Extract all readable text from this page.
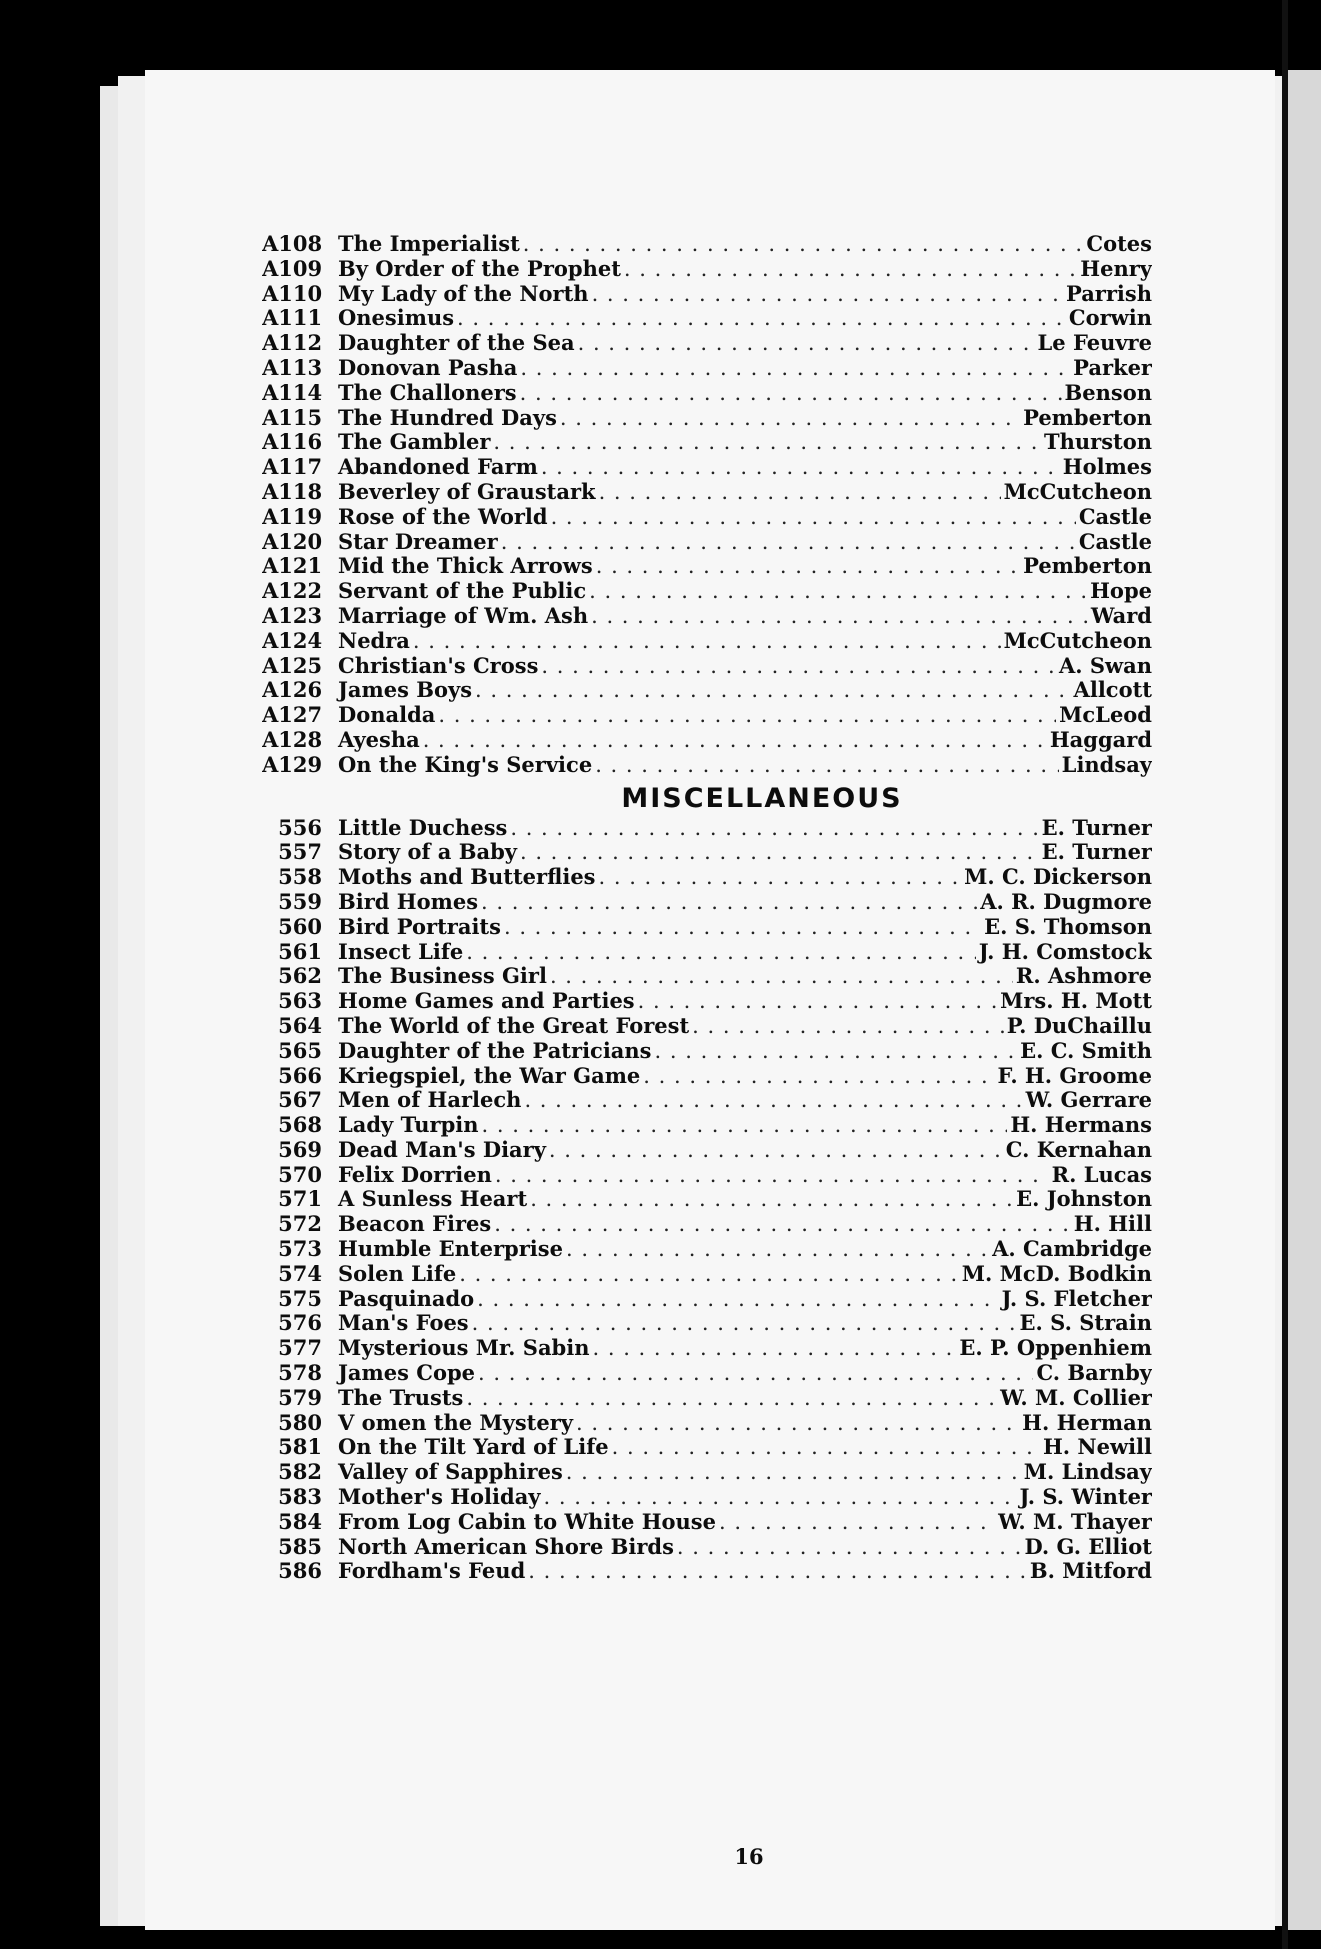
A108 The Imperialist . . .	Cotes
A109 By Order of the Prophet . . .	Henry
A110 My Lady of the North . . .	Parrish
A111 Onesimus . . .	Corwin
A112 Daughter of the Sea . . .	Le Feuvre
A113 Donovan Pasha . . .	Parker
A114 The Challoners . . .	Benson
A115 The Hundred Days . . .	Pemberton
A116 The Gambler . . .	Thurston
A117 Abandoned Farm . . .	Holmes
A118 Beverley of Graustark . . .	McCutcheon
A119 Rose of the World . . .	Castle
A120 Star Dreamer . . .	Castle
A121 Mid the Thick Arrows . . .	Pemberton
A122 Servant of the Public . . .	Hope
A123 Marriage of Wm. Ash . . .	Ward
A124 Nedra . . .	McCutcheon
A125 Christian's Cross . . .	A. Swan
A126 James Boys . . .	Allcott
A127 Donalda . . .	McLeod
A128 Ayesha . . .	Haggard
A129 On the King's Service . . .	Lindsay
MISCELLANEOUS
556 Little Duchess . . .	E. Turner
557 Story of a Baby . . .	E. Turner
558 Moths and Butterflies . . .	M. C. Dickerson
559 Bird Homes . . .	A. R. Dugmore
560 Bird Portraits . . .	E. S. Thomson
561 Insect Life . . .	J. H. Comstock
562 The Business Girl . . .	R. Ashmore
563 Home Games and Parties . . .	Mrs. H. Mott
564 The World of the Great Forest . . .	P. DuChaillu
565 Daughter of the Patricians . . .	E. C. Smith
566 Kriegspiel, the War Game . . .	F. H. Groome
567 Men of Harlech . . .	W. Gerrare
568 Lady Turpin . . .	H. Hermans
569 Dead Man's Diary . . .	C. Kernahan
570 Felix Dorrien . . .	R. Lucas
571 A Sunless Heart . . .	E. Johnston
572 Beacon Fires . . .	H. Hill
573 Humble Enterprise . . .	A. Cambridge
574 Solen Life . . .	M. McD. Bodkin
575 Pasquinado . . .	J. S. Fletcher
576 Man's Foes . . .	E. S. Strain
577 Mysterious Mr. Sabin . . .	E. P. Oppenhiem
578 James Cope . . .	C. Barnby
579 The Trusts . . .	W. M. Collier
580 V omen the Mystery . . .	H. Herman
581 On the Tilt Yard of Life . . .	H. Newill
582 Valley of Sapphires . . .	M. Lindsay
583 Mother's Holiday . . .	J. S. Winter
584 From Log Cabin to White House . . .	W. M. Thayer
585 North American Shore Birds . . .	D. G. Elliot
586 Fordham's Feud . . .	B. Mitford
16
